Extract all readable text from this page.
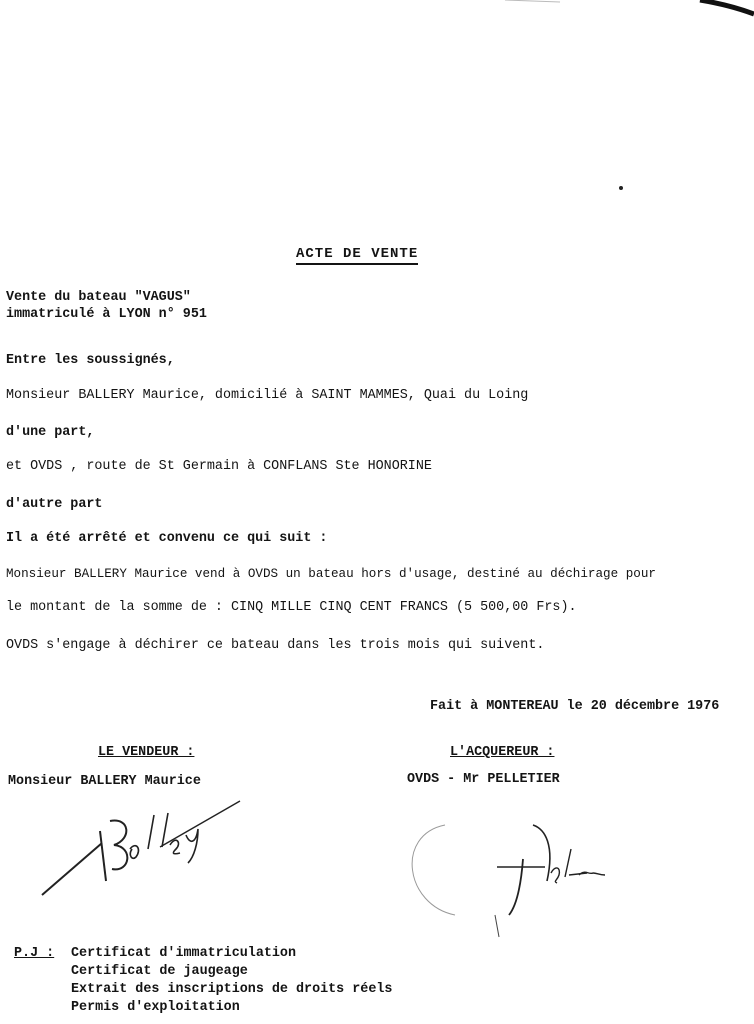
ACTE DE VENTE
Vente du bateau "VAGUS"
immatriculé à LYON n° 951
Entre les soussignés,
Monsieur BALLERY Maurice, domicilié à SAINT MAMMES, Quai du Loing
d'une part,
et OVDS , route de St Germain à CONFLANS Ste HONORINE
d'autre part
Il a été arrêté et convenu ce qui suit :
Monsieur BALLERY Maurice vend à OVDS un bateau hors d'usage, destiné au déchirage pour
le montant de la somme de : CINQ MILLE CINQ CENT FRANCS (5 500,00 Frs).
OVDS s'engage à déchirer ce bateau dans les trois mois qui suivent.
Fait à MONTEREAU le 20 décembre 1976
LE VENDEUR :
Monsieur BALLERY Maurice
L'ACQUEREUR :
OVDS - Mr PELLETIER
P.J : Certificat d'immatriculation
Certificat de jaugeage
Extrait des inscriptions de droits réels
Permis d'exploitation
